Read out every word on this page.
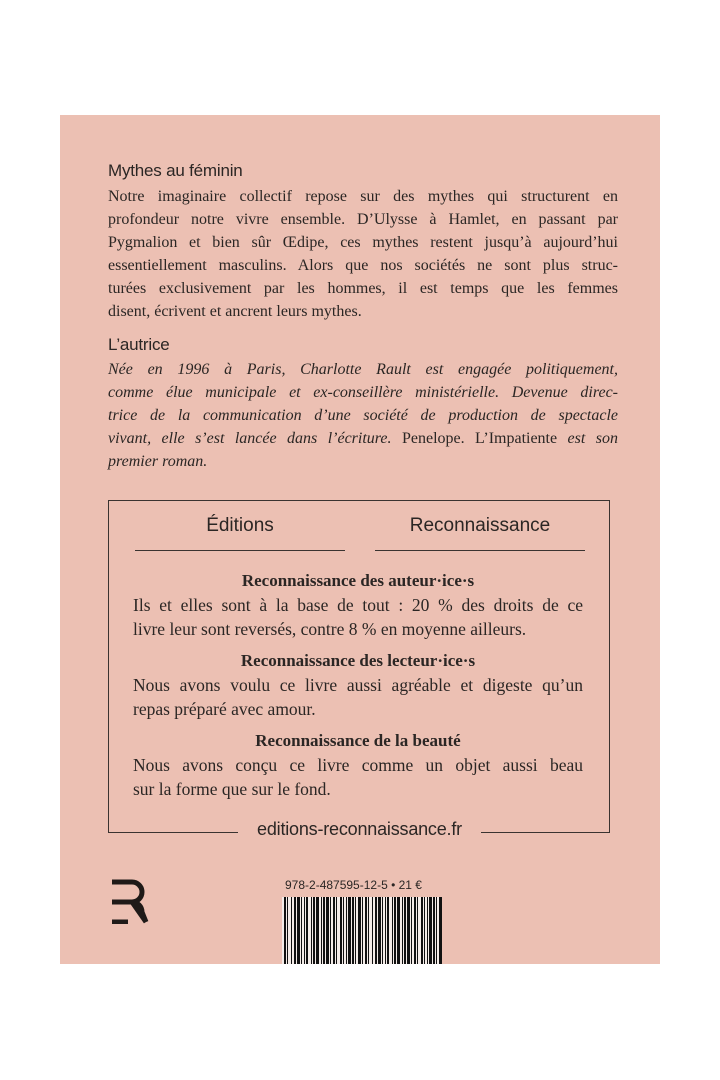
Mythes au féminin

Notre imaginaire collectif repose sur des mythes qui structurent en
profondeur notre vivre ensemble. D’Ulysse à Hamlet, en passant par
Pygmalion et bien sûr Œdipe, ces mythes restent jusqu’à aujourd’hui
essentiellement masculins. Alors que nos sociétés ne sont plus struc-
turées exclusivement par les hommes, il est temps que les femmes
disent, écrivent et ancrent leurs mythes.

L’autrice

Née en 1996 à Paris, Charlotte Rault est engagée politiquement,
comme élue municipale et ex-conseillère ministérielle. Devenue direc-
trice de la communication d’une société de production de spectacle
vivant, elle s’est lancée dans l’écriture. Penelope. L’Impatiente est son
premier roman.

Éditions	Reconnaissance
Reconnaissance des auteur·ice·s

Ils et elles sont à la base de tout : 20 % des droits de ce
livre leur sont reversés, contre 8 % en moyenne ailleurs.

Reconnaissance des lecteur·ice·s

Nous avons voulu ce livre aussi agréable et digeste qu’un
repas préparé avec amour.

Reconnaissance de la beauté

Nous avons conçu ce livre comme un objet aussi beau
sur la forme que sur le fond.

editions-reconnaissance.fr
978-2-487595-12-5 • 21 €
